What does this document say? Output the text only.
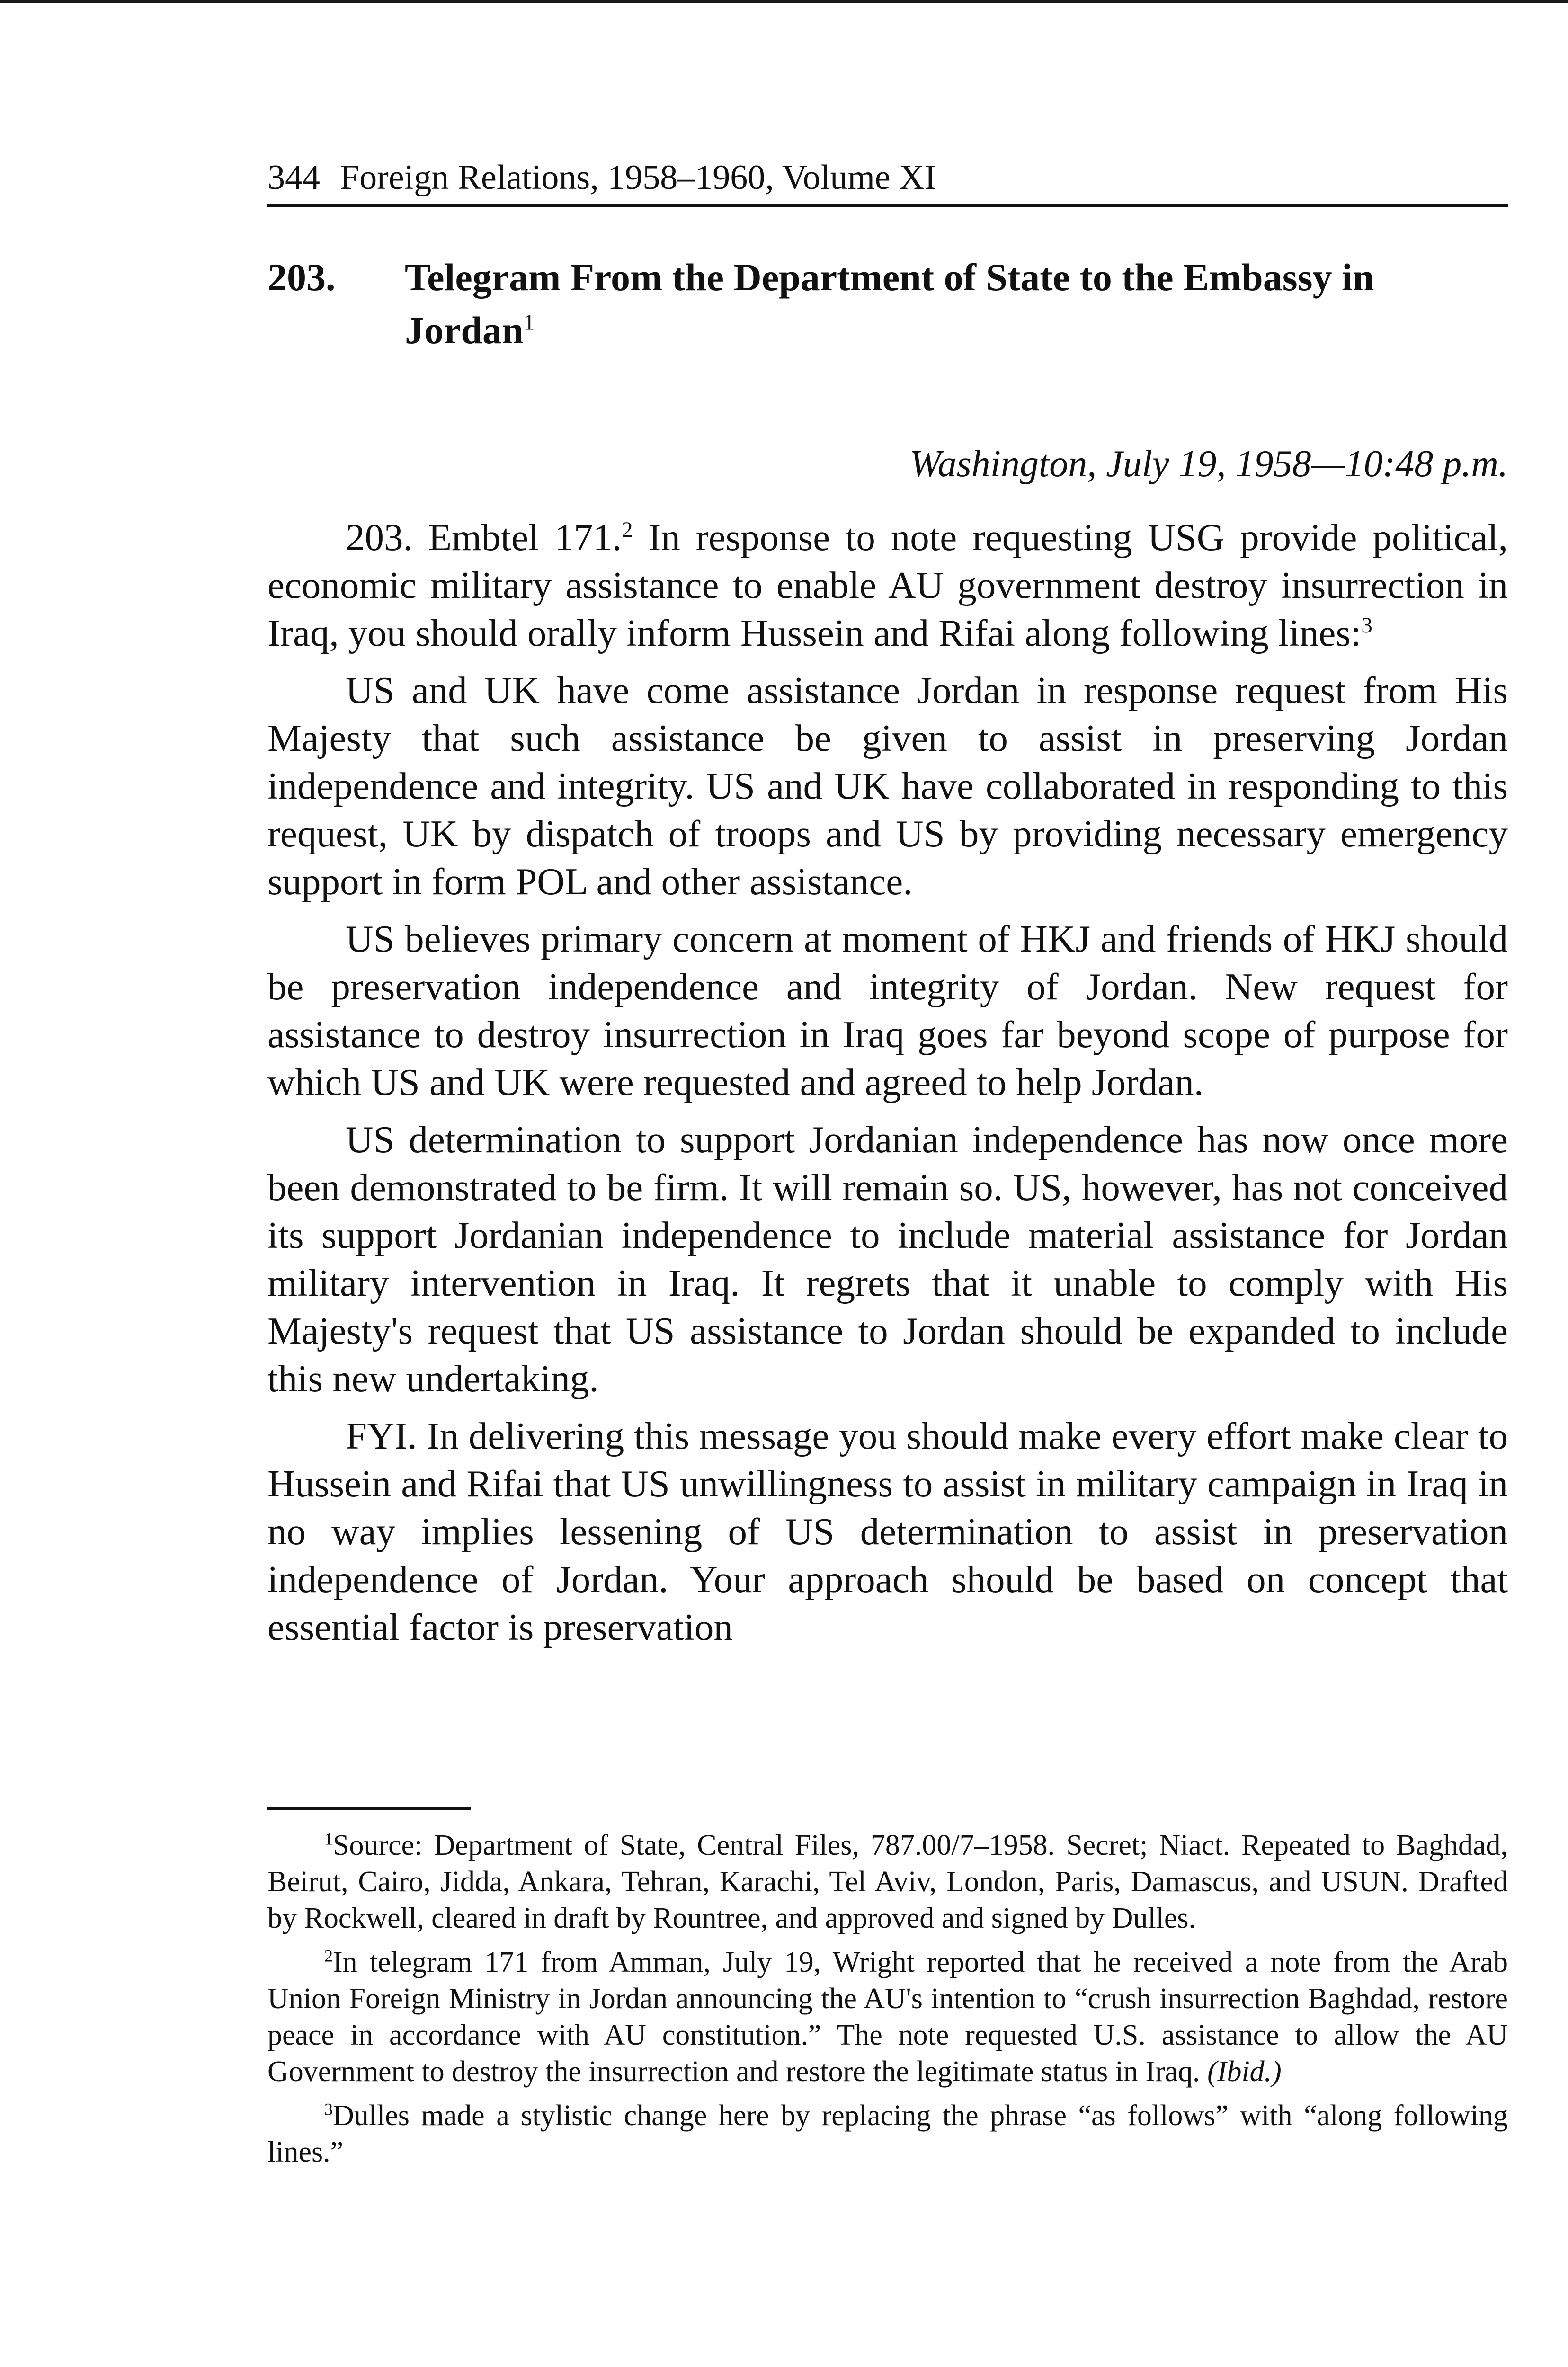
344 Foreign Relations, 1958–1960, Volume XI
203. Telegram From the Department of State to the Embassy in Jordan$^1$
Washington, July 19, 1958—10:48 p.m.

203. Embtel 171.$^2$ In response to note requesting USG provide political, economic military assistance to enable AU government destroy insurrection in Iraq, you should orally inform Hussein and Rifai along following lines:$^3$

US and UK have come assistance Jordan in response request from His Majesty that such assistance be given to assist in preserving Jordan independence and integrity. US and UK have collaborated in responding to this request, UK by dispatch of troops and US by providing necessary emergency support in form POL and other assistance.

US believes primary concern at moment of HKJ and friends of HKJ should be preservation independence and integrity of Jordan. New request for assistance to destroy insurrection in Iraq goes far beyond scope of purpose for which US and UK were requested and agreed to help Jordan.

US determination to support Jordanian independence has now once more been demonstrated to be firm. It will remain so. US, however, has not conceived its support Jordanian independence to include material assistance for Jordan military intervention in Iraq. It regrets that it unable to comply with His Majesty's request that US assistance to Jordan should be expanded to include this new undertaking.

FYI. In delivering this message you should make every effort make clear to Hussein and Rifai that US unwillingness to assist in military campaign in Iraq in no way implies lessening of US determination to assist in preservation independence of Jordan. Your approach should be based on concept that essential factor is preservation

$^1$Source: Department of State, Central Files, 787.00/7–1958. Secret; Niact. Repeated to Baghdad, Beirut, Cairo, Jidda, Ankara, Tehran, Karachi, Tel Aviv, London, Paris, Damascus, and USUN. Drafted by Rockwell, cleared in draft by Rountree, and approved and signed by Dulles.

$^2$In telegram 171 from Amman, July 19, Wright reported that he received a note from the Arab Union Foreign Ministry in Jordan announcing the AU's intention to “crush insurrection Baghdad, restore peace in accordance with AU constitution.” The note requested U.S. assistance to allow the AU Government to destroy the insurrection and restore the legitimate status in Iraq. (Ibid.)

$^3$Dulles made a stylistic change here by replacing the phrase “as follows” with “along following lines.”
